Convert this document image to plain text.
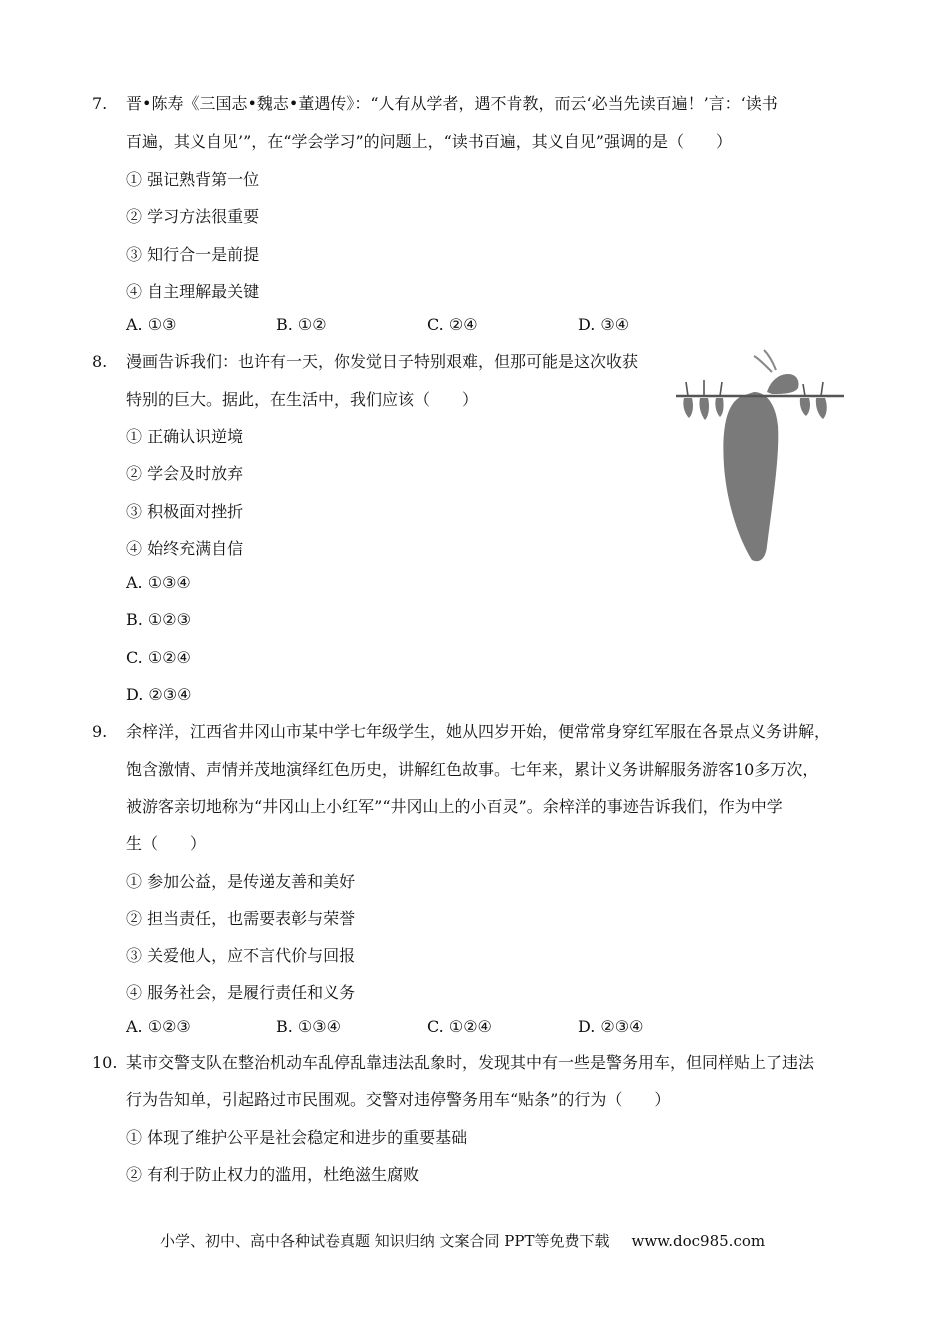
7. 晋•陈寿《三国志•魏志•董遇传》：“人有从学者，遇不肯教，而云‘必当先读百遍！’言：‘读书
百遍，其义自见’”，在“学会学习”的问题上，“读书百遍，其义自见”强调的是（　　）
① 强记熟背第一位
② 学习方法很重要
③ 知行合一是前提
④ 自主理解最关键
A. ①③	B. ①②	C. ②④	D. ③④
8. 漫画告诉我们：也许有一天，你发觉日子特别艰难，但那可能是这次收获
特别的巨大。据此，在生活中，我们应该（　　）
① 正确认识逆境
② 学会及时放弃
③ 积极面对挫折
④ 始终充满自信
A. ①③④
B. ①②③
C. ①②④
D. ②③④
9. 余梓洋，江西省井冈山市某中学七年级学生，她从四岁开始，便常常身穿红军服在各景点义务讲解，
饱含激情、声情并茂地演绎红色历史，讲解红色故事。七年来，累计义务讲解服务游客10多万次，
被游客亲切地称为“井冈山上小红军”“井冈山上的小百灵”。余梓洋的事迹告诉我们，作为中学
生（　　）
① 参加公益，是传递友善和美好
② 担当责任，也需要表彰与荣誉
③ 关爱他人，应不言代价与回报
④ 服务社会，是履行责任和义务
A. ①②③	B. ①③④	C. ①②④	D. ②③④
10. 某市交警支队在整治机动车乱停乱靠违法乱象时，发现其中有一些是警务用车，但同样贴上了违法
行为告知单，引起路过市民围观。交警对违停警务用车“贴条”的行为（　　）
① 体现了维护公平是社会稳定和进步的重要基础
② 有利于防止权力的滥用，杜绝滋生腐败
小学、初中、高中各种试卷真题 知识归纳 文案合同 PPT等免费下载 www.doc985.com
